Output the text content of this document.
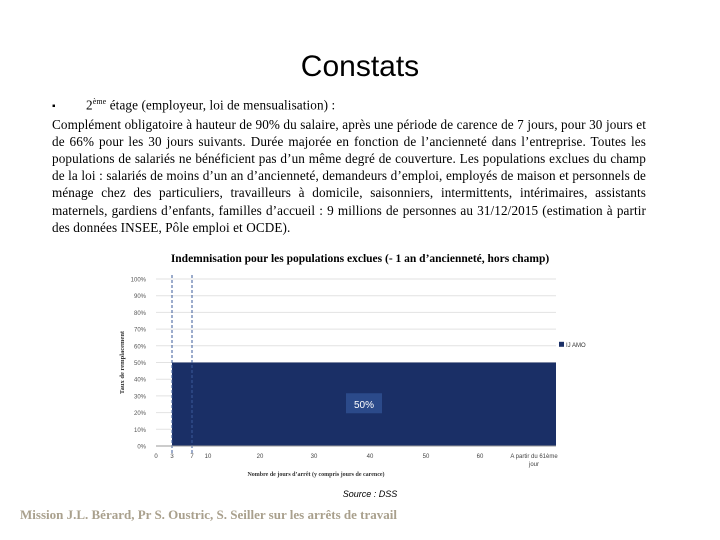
Constats
▪ 2ème étage (employeur, loi de mensualisation) :
Complément obligatoire à hauteur de 90% du salaire, après une période de carence de 7 jours, pour 30 jours et de 66% pour les 30 jours suivants. Durée majorée en fonction de l’ancienneté dans l’entreprise. Toutes les populations de salariés ne bénéficient pas d’un même degré de couverture. Les populations exclues du champ de la loi : salariés de moins d’un an d’ancienneté, demandeurs d’emploi, employés de maison et personnels de ménage chez des particuliers, travailleurs à domicile, saisonniers, intermittents, intérimaires, assistants maternels, gardiens d’enfants, familles d’accueil : 9 millions de personnes au 31/12/2015 (estimation à partir des données INSEE, Pôle emploi et OCDE).
Indemnisation pour les populations exclues (- 1 an d’ancienneté, hors champ)
0%
10%
20%
30%
40%
50%
60%
70%
80%
90%
100%
Taux de remplacement
50%
0 3	7 10	20	30	40	50	60	A partir du 61ème
jour
Nombre de jours d’arrêt (y compris jours de carence)
IJ AMO
Source : DSS
Mission J.L. Bérard, Pr S. Oustric, S. Seiller sur les arrêts de travail
